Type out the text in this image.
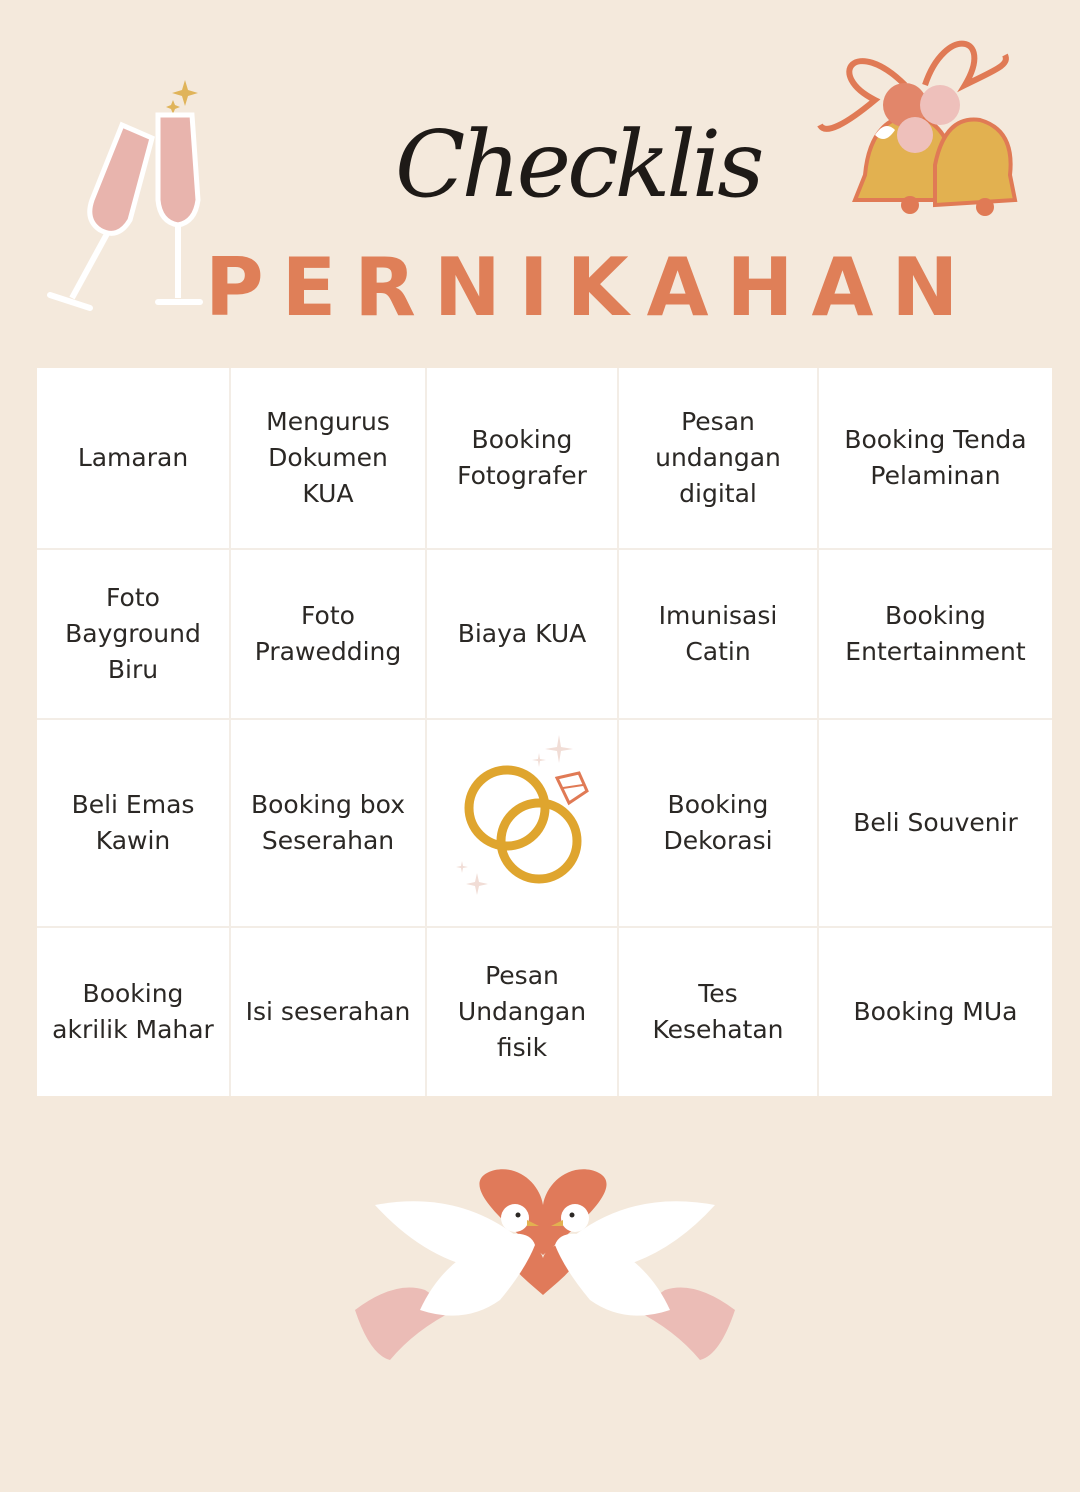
Checklis
PERNIKAHAN
Lamaran
Mengurus
Dokumen
KUA
Booking
Fotografer
Pesan
undangan
digital
Booking Tenda
Pelaminan
Foto
Bayground
Biru
Foto
Prawedding
Biaya KUA
Imunisasi
Catin
Booking
Entertainment
Beli Emas
Kawin
Booking box
Seserahan
Booking
Dekorasi
Beli Souvenir
Booking
akrilik Mahar
Isi seserahan
Pesan
Undangan
fisik
Tes
Kesehatan
Booking MUa
